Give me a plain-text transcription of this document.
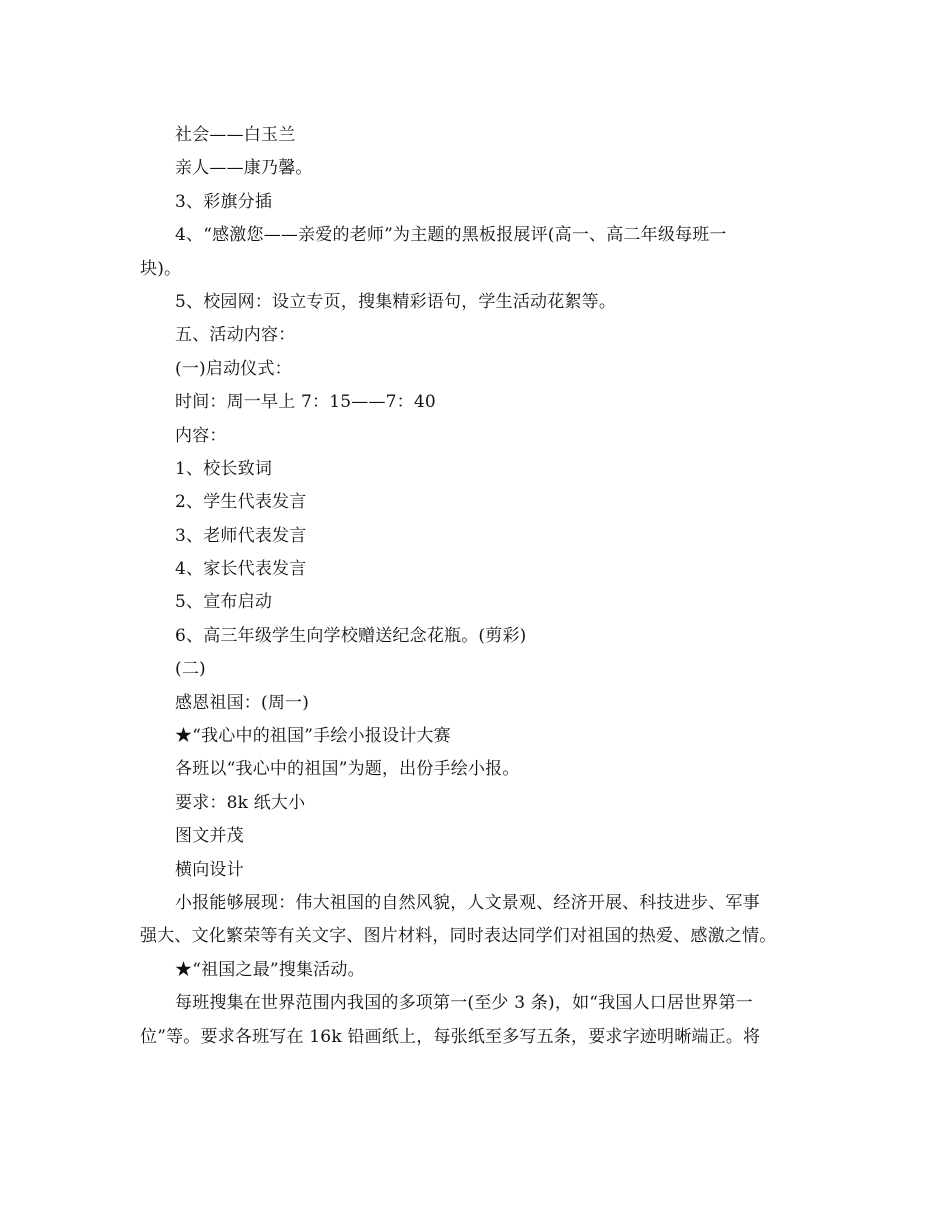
社会——白玉兰
亲人——康乃馨。
3、彩旗分插
4、“感激您——亲爱的老师”为主题的黑板报展评(高一、高二年级每班一
块)。
5、校园网：设立专页，搜集精彩语句，学生活动花絮等。
五、活动内容：
(一)启动仪式：
时间：周一早上 7：15——7：40
内容：
1、校长致词
2、学生代表发言
3、老师代表发言
4、家长代表发言
5、宣布启动
6、高三年级学生向学校赠送纪念花瓶。(剪彩)
(二)
感恩祖国：(周一)
★“我心中的祖国”手绘小报设计大赛
各班以“我心中的祖国”为题，出份手绘小报。
要求：8k 纸大小
图文并茂
横向设计
小报能够展现：伟大祖国的自然风貌，人文景观、经济开展、科技进步、军事
强大、文化繁荣等有关文字、图片材料，同时表达同学们对祖国的热爱、感激之情。
★“祖国之最”搜集活动。
每班搜集在世界范围内我国的多项第一(至少 3 条)，如“我国人口居世界第一
位”等。要求各班写在 16k 铅画纸上，每张纸至多写五条，要求字迹明晰端正。将
